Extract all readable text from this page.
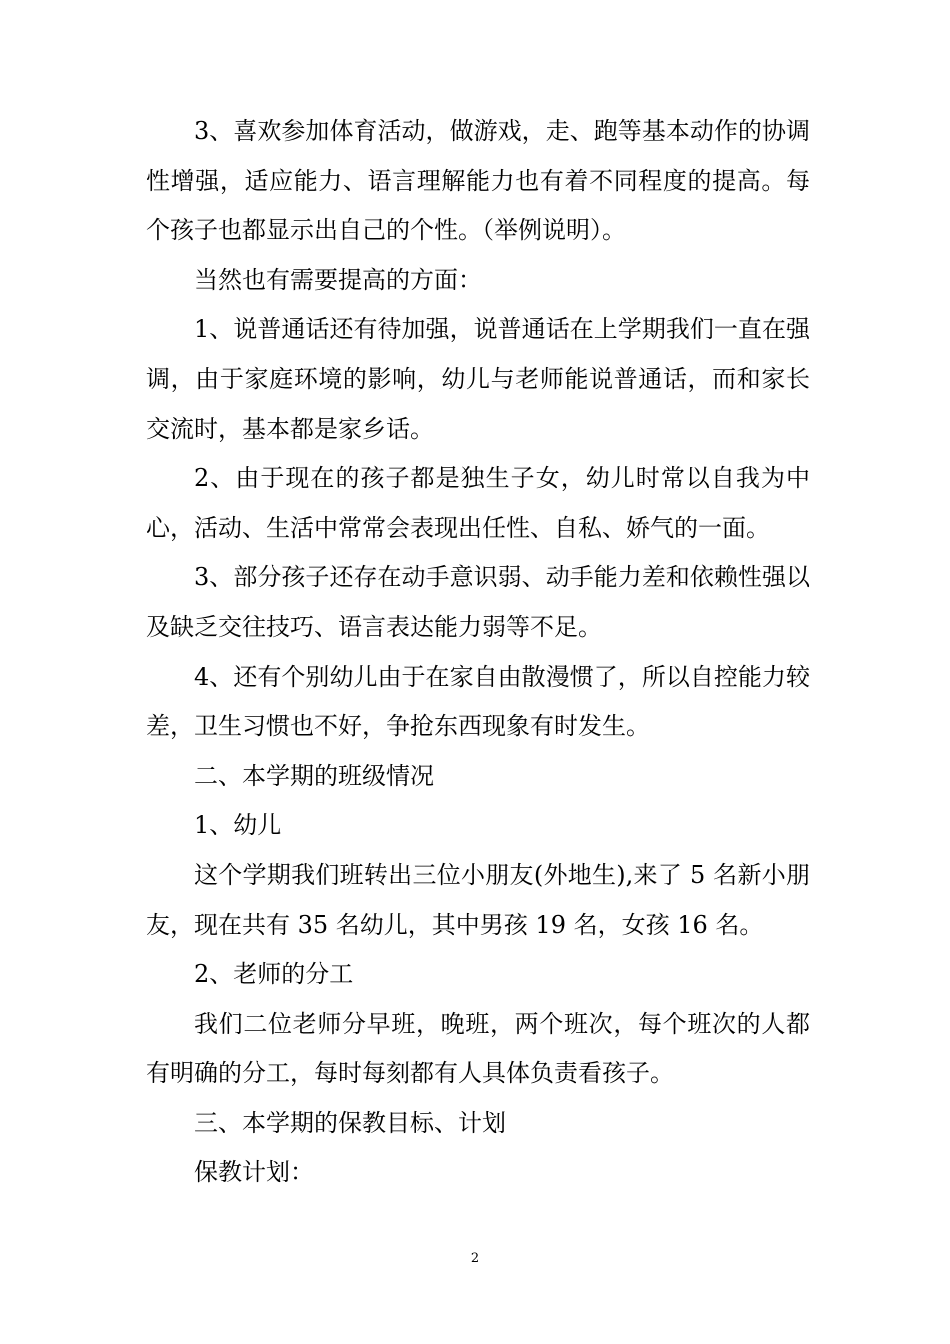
3、喜欢参加体育活动，做游戏，走、跑等基本动作的协调性增强，适应能力、语言理解能力也有着不同程度的提高。每个孩子也都显示出自己的个性。（举例说明）。

当然也有需要提高的方面：

1、说普通话还有待加强，说普通话在上学期我们一直在强调，由于家庭环境的影响，幼儿与老师能说普通话，而和家长交流时，基本都是家乡话。

2、由于现在的孩子都是独生子女，幼儿时常以自我为中心，活动、生活中常常会表现出任性、自私、娇气的一面。

3、部分孩子还存在动手意识弱、动手能力差和依赖性强以及缺乏交往技巧、语言表达能力弱等不足。

4、还有个别幼儿由于在家自由散漫惯了，所以自控能力较差，卫生习惯也不好，争抢东西现象有时发生。

二、本学期的班级情况

1、幼儿

这个学期我们班转出三位小朋友(外地生),来了 5 名新小朋友，现在共有 35 名幼儿，其中男孩 19 名，女孩 16 名。

2、老师的分工

我们二位老师分早班，晚班，两个班次，每个班次的人都有明确的分工，每时每刻都有人具体负责看孩子。

三、本学期的保教目标、计划

保教计划：

2
